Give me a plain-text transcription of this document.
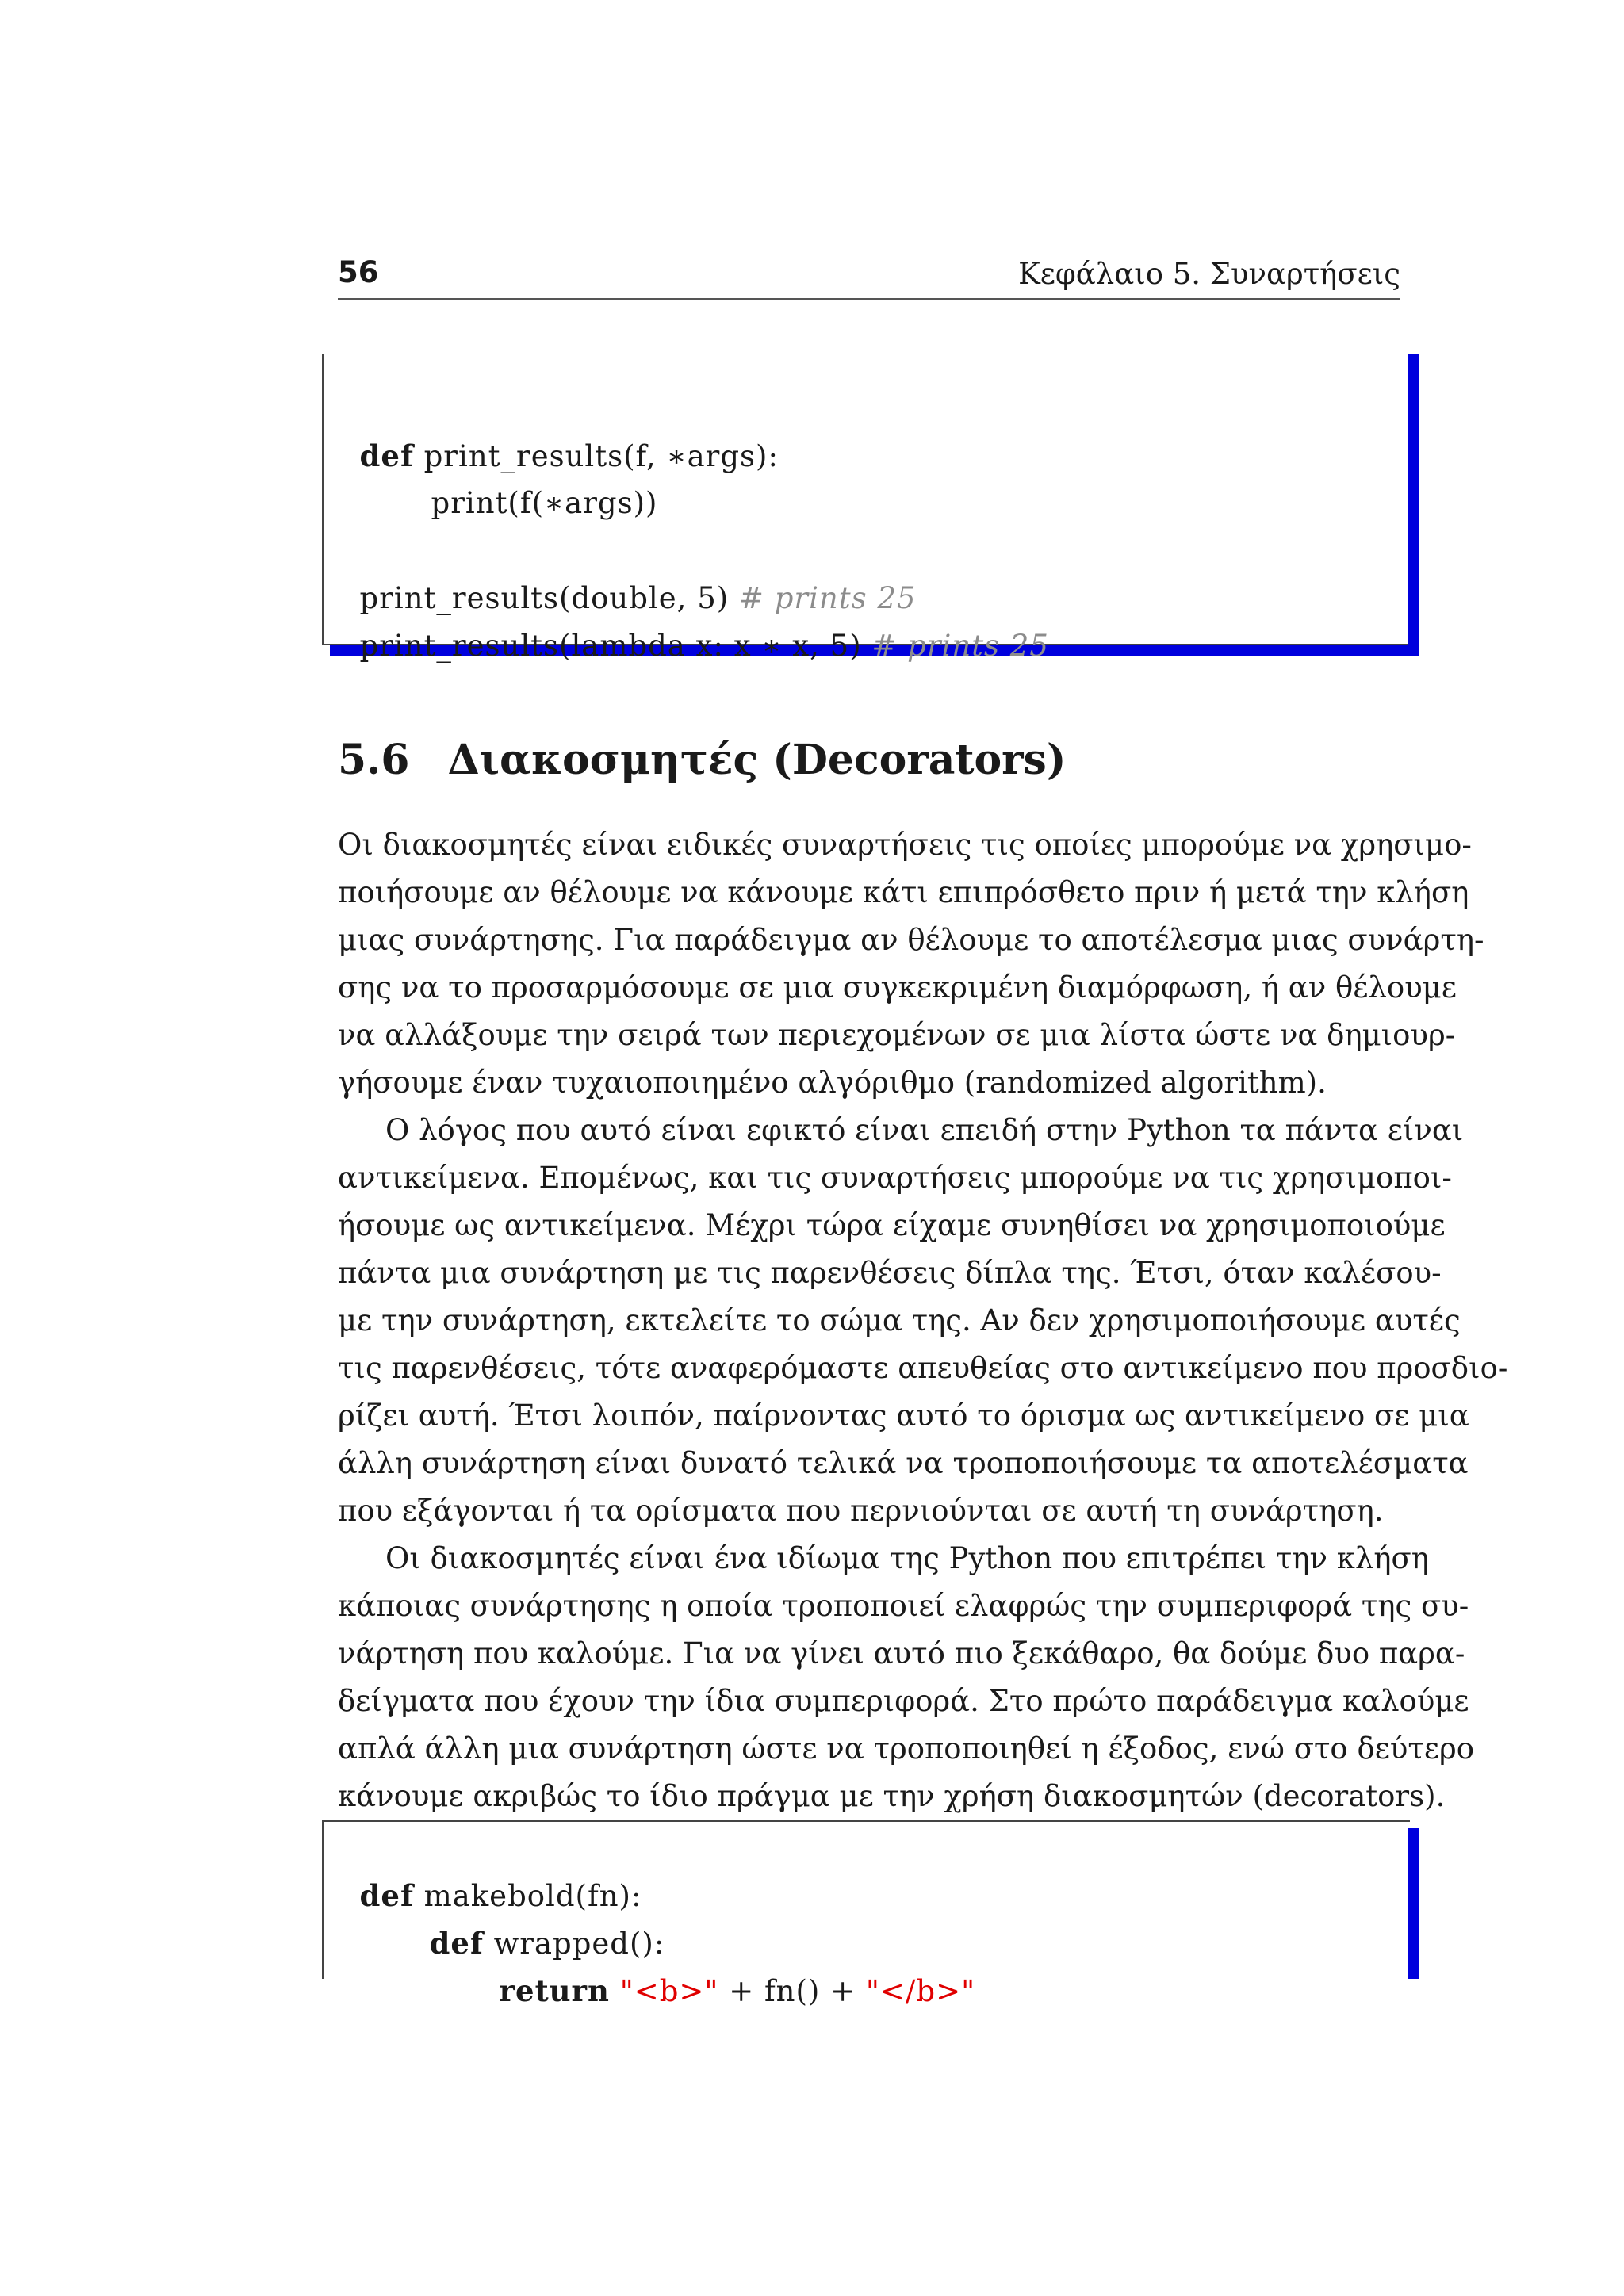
56	Κεφάλαιο 5. Συναρτήσεις

def print_results(f, ∗args):

print(f(∗args))

print_results(double, 5) # prints 25

print_results(lambda x: x ∗ x, 5) # prints 25

5.6 Διακοσμητές (Decorators)
Οι διακοσμητές είναι ειδικές συναρτήσεις τις οποίες μπορούμε να χρησιμο-
ποιήσουμε αν θέλουμε να κάνουμε κάτι επιπρόσθετο πριν ή μετά την κλήση
μιας συνάρτησης. Για παράδειγμα αν θέλουμε το αποτέλεσμα μιας συνάρτη-
σης να το προσαρμόσουμε σε μια συγκεκριμένη διαμόρφωση, ή αν θέλουμε
να αλλάξουμε την σειρά των περιεχομένων σε μια λίστα ώστε να δημιουρ-
γήσουμε έναν τυχαιοποιημένο αλγόριθμο (randomized algorithm).
Ο λόγος που αυτό είναι εφικτό είναι επειδή στην Python τα πάντα είναι
αντικείμενα. Επομένως, και τις συναρτήσεις μπορούμε να τις χρησιμοποι-
ήσουμε ως αντικείμενα. Μέχρι τώρα είχαμε συνηθίσει να χρησιμοποιούμε
πάντα μια συνάρτηση με τις παρενθέσεις δίπλα της. Έτσι, όταν καλέσου-
με την συνάρτηση, εκτελείτε το σώμα της. Αν δεν χρησιμοποιήσουμε αυτές
τις παρενθέσεις, τότε αναφερόμαστε απευθείας στο αντικείμενο που προσδιο-
ρίζει αυτή. Έτσι λοιπόν, παίρνοντας αυτό το όρισμα ως αντικείμενο σε μια
άλλη συνάρτηση είναι δυνατό τελικά να τροποποιήσουμε τα αποτελέσματα
που εξάγονται ή τα ορίσματα που περνιούνται σε αυτή τη συνάρτηση.
Οι διακοσμητές είναι ένα ιδίωμα της Python που επιτρέπει την κλήση
κάποιας συνάρτησης η οποία τροποποιεί ελαφρώς την συμπεριφορά της συ-
νάρτηση που καλούμε. Για να γίνει αυτό πιο ξεκάθαρο, θα δούμε δυο παρα-
δείγματα που έχουν την ίδια συμπεριφορά. Στο πρώτο παράδειγμα καλούμε
απλά άλλη μια συνάρτηση ώστε να τροποποιηθεί η έξοδος, ενώ στο δεύτερο
κάνουμε ακριβώς το ίδιο πράγμα με την χρήση διακοσμητών (decorators).

def makebold(fn):

def wrapped():

return "<b>" + fn() + "</b>"
